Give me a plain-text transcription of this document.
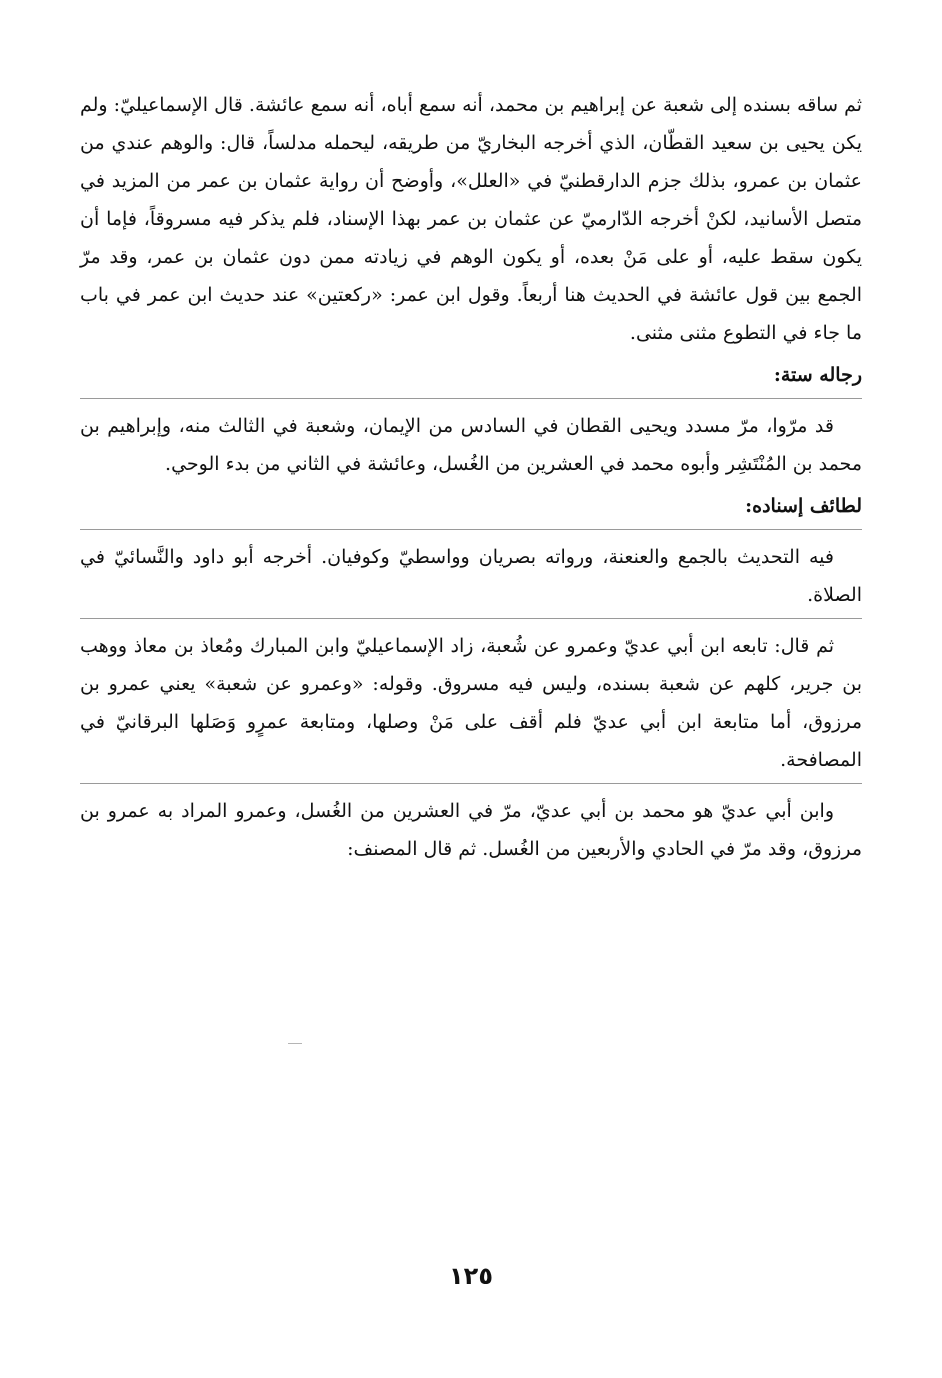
ثم ساقه بسنده إلى شعبة عن إبراهيم بن محمد، أنه سمع أباه، أنه سمع عائشة. قال الإسماعيليّ: ولم يكن يحيى بن سعيد القطّان، الذي أخرجه البخاريّ من طريقه، ليحمله مدلساً، قال: والوهم عندي من عثمان بن عمرو، بذلك جزم الدارقطنيّ في «العلل»، وأوضح أن رواية عثمان بن عمر من المزيد في متصل الأسانيد، لكنْ أخرجه الدّارميّ عن عثمان بن عمر بهذا الإسناد، فلم يذكر فيه مسروقاً، فإما أن يكون سقط عليه، أو على مَنْ بعده، أو يكون الوهم في زيادته ممن دون عثمان بن عمر، وقد مرّ الجمع بين قول عائشة في الحديث هنا أربعاً. وقول ابن عمر: «ركعتين» عند حديث ابن عمر في باب ما جاء في التطوع مثنى مثنى.

رجاله ستة:

قد مرّوا، مرّ مسدد ويحيى القطان في السادس من الإيمان، وشعبة في الثالث منه، وإبراهيم بن محمد بن المُنْتَشِر وأبوه محمد في العشرين من الغُسل، وعائشة في الثاني من بدء الوحي.

لطائف إسناده:

فيه التحديث بالجمع والعنعنة، ورواته بصريان وواسطيّ وكوفيان. أخرجه أبو داود والنَّسائيّ في الصلاة.

ثم قال: تابعه ابن أبي عديّ وعمرو عن شُعبة، زاد الإسماعيليّ وابن المبارك ومُعاذ بن معاذ ووهب بن جرير، كلهم عن شعبة بسنده، وليس فيه مسروق. وقوله: «وعمرو عن شعبة» يعني عمرو بن مرزوق، أما متابعة ابن أبي عديّ فلم أقف على مَنْ وصلها، ومتابعة عمرٍو وَصَلها البرقانيّ في المصافحة.

وابن أبي عديّ هو محمد بن أبي عديّ، مرّ في العشرين من الغُسل، وعمرو المراد به عمرو بن مرزوق، وقد مرّ في الحادي والأربعين من الغُسل. ثم قال المصنف:

١٢٥
